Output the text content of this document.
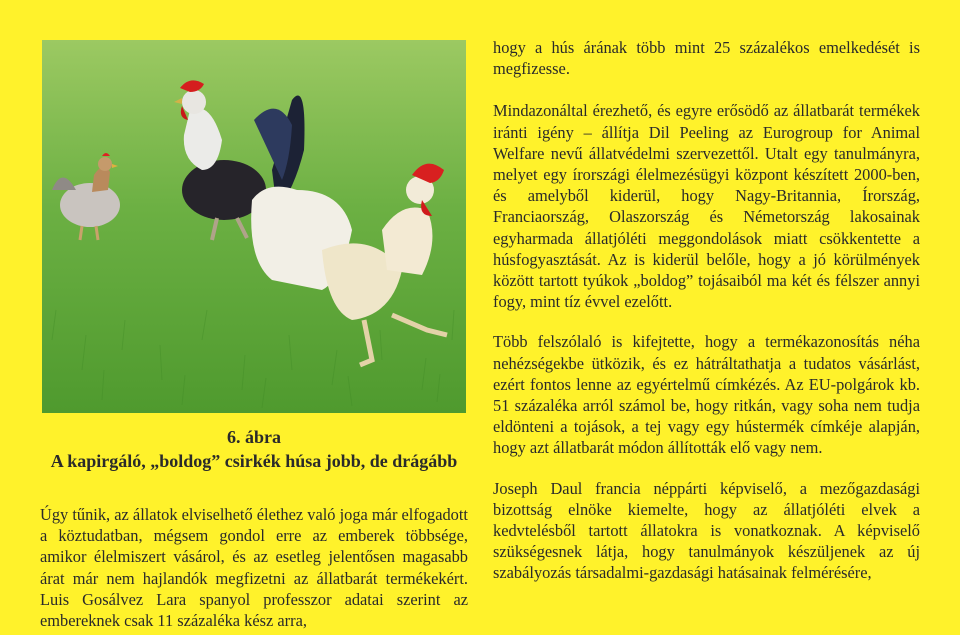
6. ábra
A kapirgáló, „boldog” csirkék húsa jobb, de drágább

Úgy tűnik, az állatok elviselhető élethez való joga már elfogadott a köztudatban, mégsem gondol erre az emberek többsége, amikor élelmiszert vásárol, és az esetleg jelentősen magasabb árat már nem hajlandók megfizetni az állatbarát termékekért. Luis Gosálvez Lara spanyol professzor adatai szerint az embereknek csak 11 százaléka kész arra,

hogy a hús árának több mint 25 százalékos emelkedését is megfizesse.

Mindazonáltal érezhető, és egyre erősödő az állatbarát termékek iránti igény – állítja Dil Peeling az Eurogroup for Animal Welfare nevű állatvédelmi szervezettől. Utalt egy tanulmányra, melyet egy írországi élelmezésügyi központ készített 2000-ben, és amelyből kiderül, hogy Nagy-Britannia, Írország, Franciaország, Olaszország és Németország lakosainak egyharmada állatjóléti meggondolások miatt csökkentette a húsfogyasztását. Az is kiderül belőle, hogy a jó körülmények között tartott tyúkok „boldog” tojásaiból ma két és félszer annyi fogy, mint tíz évvel ezelőtt.

Több felszólaló is kifejtette, hogy a termékazonosítás néha nehézségekbe ütközik, és ez hátráltathatja a tudatos vásárlást, ezért fontos lenne az egyértelmű címkézés. Az EU-polgárok kb. 51 százaléka arról számol be, hogy ritkán, vagy soha nem tudja eldönteni a tojások, a tej vagy egy hústermék címkéje alapján, hogy azt állatbarát módon állították elő vagy nem.

Joseph Daul francia néppárti képviselő, a mezőgazdasági bizottság elnöke kiemelte, hogy az állatjóléti elvek a kedvtelésből tartott állatokra is vonatkoznak. A képviselő szükségesnek látja, hogy tanulmányok készüljenek az új szabályozás társadalmi-gazdasági hatásainak felmérésére,
